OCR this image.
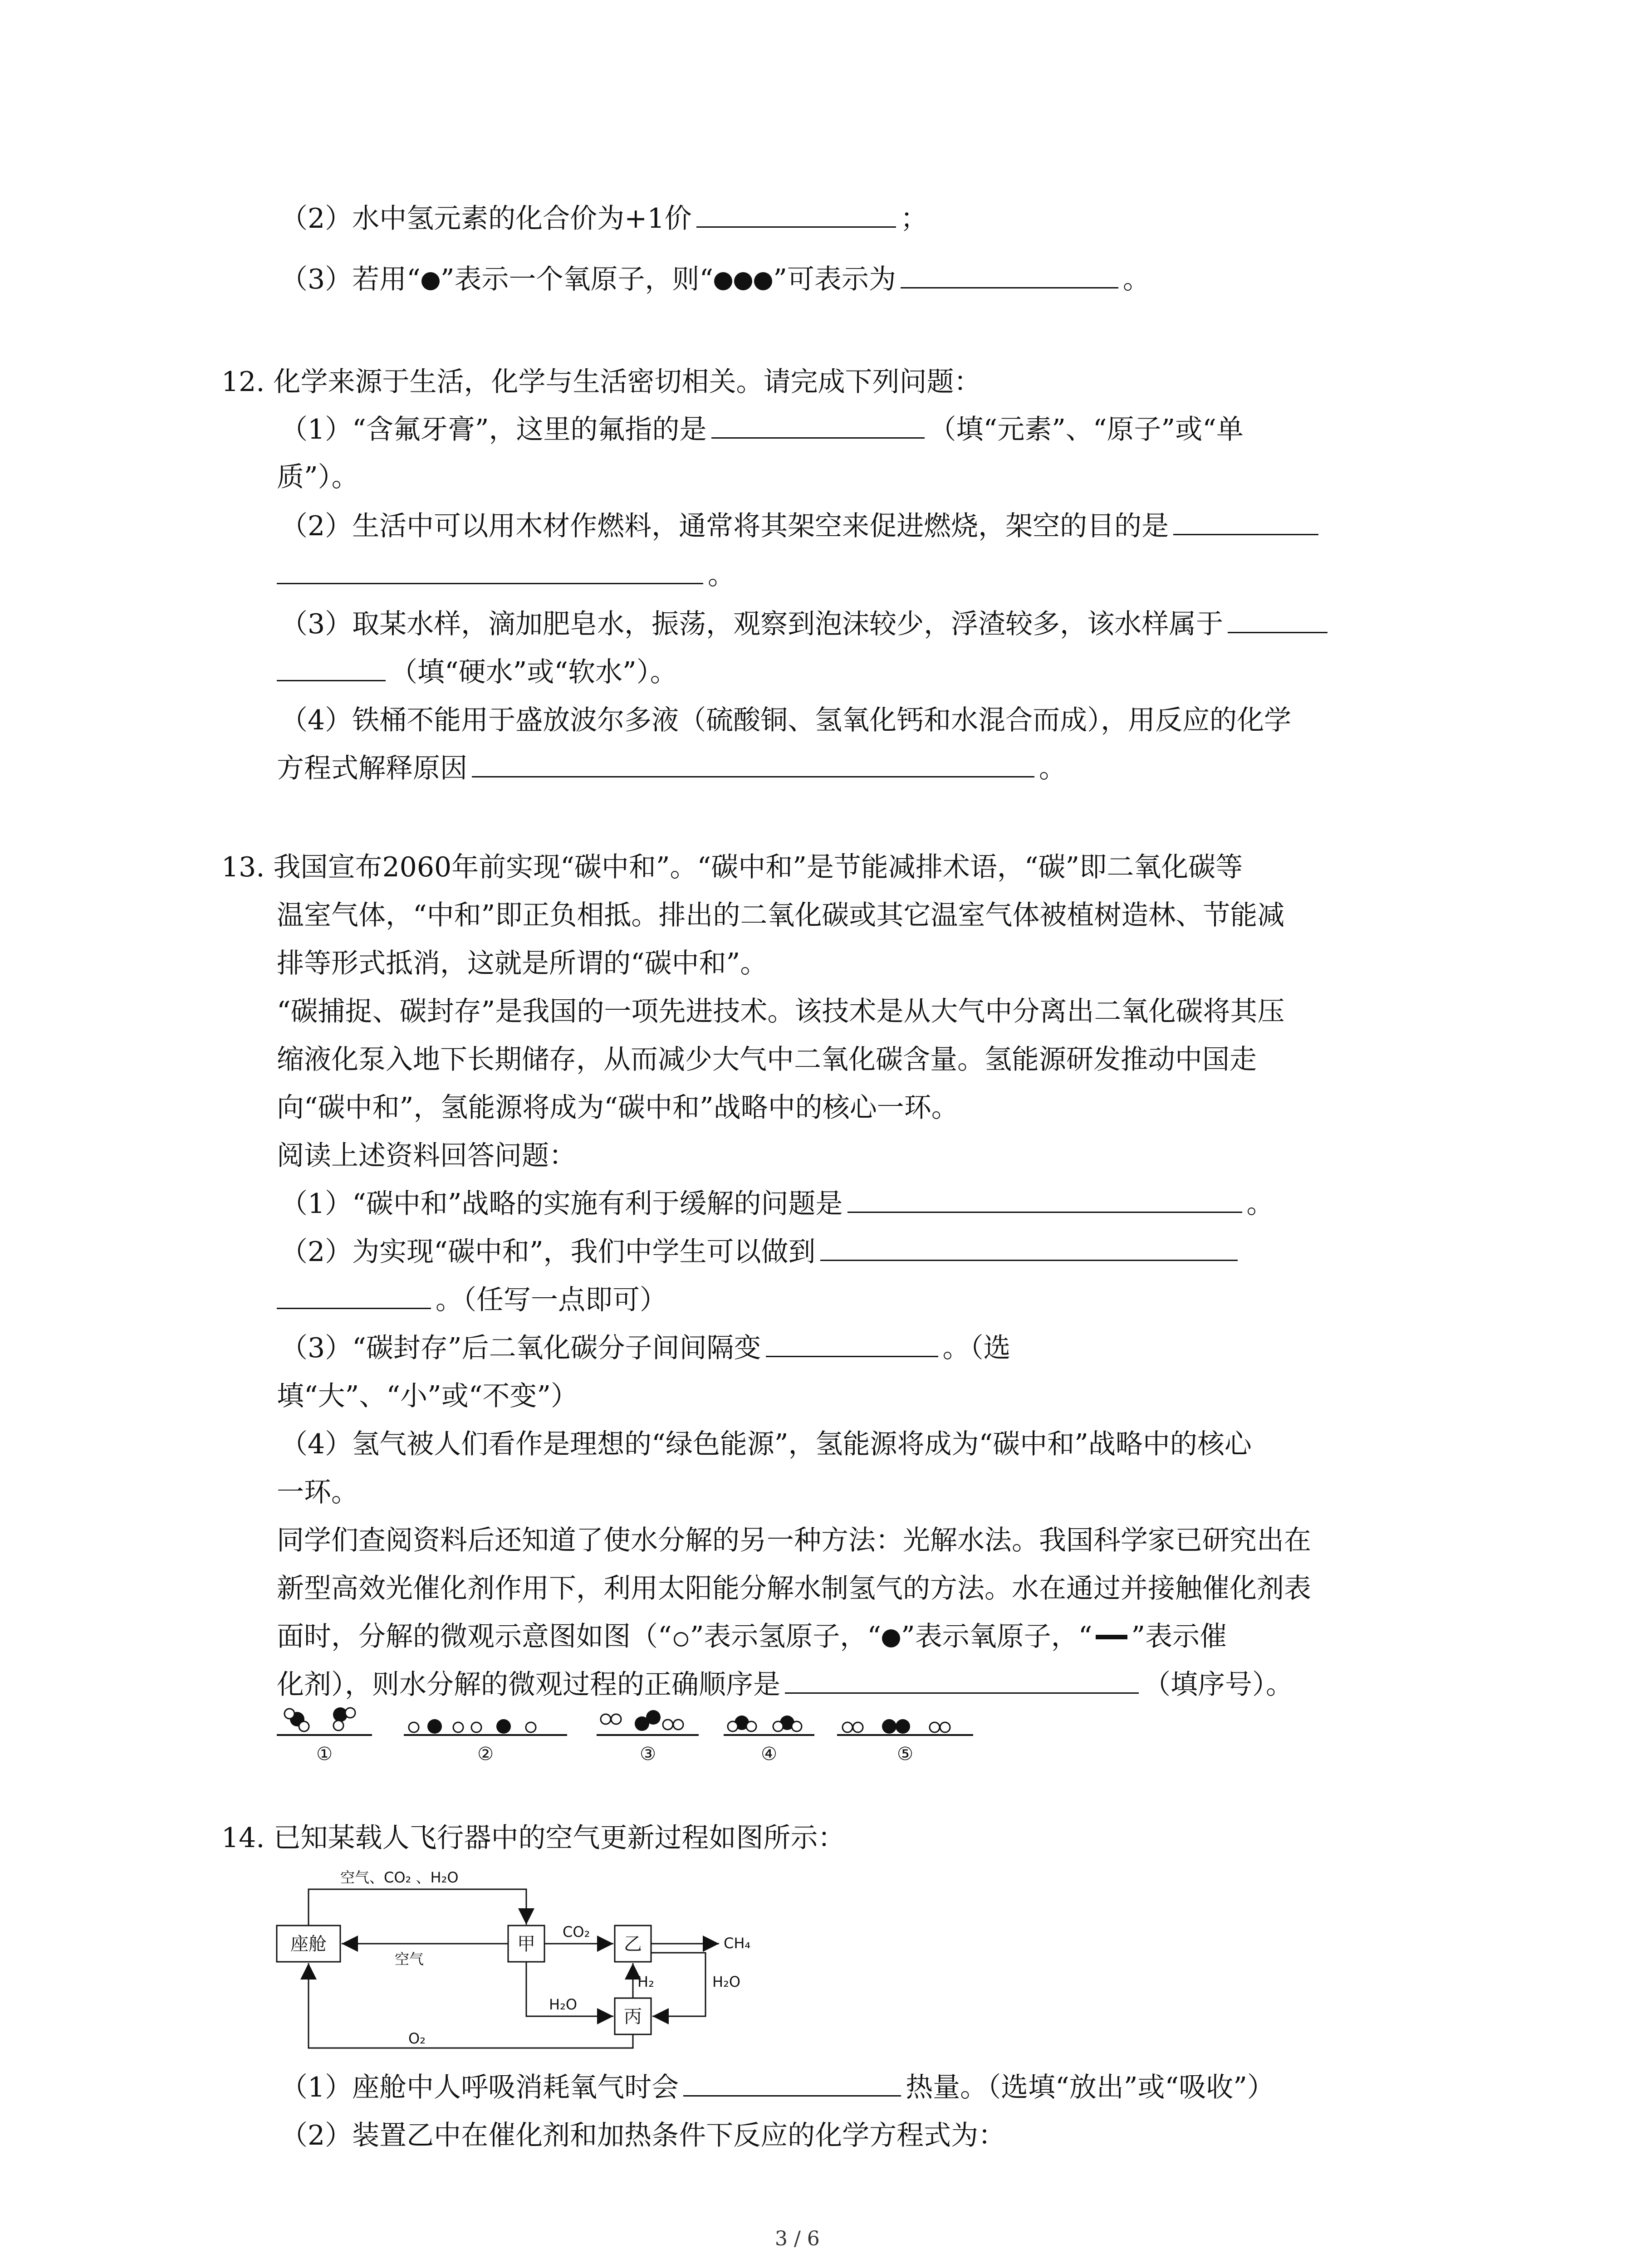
（2）水中氢元素的化合价为+1价	；
（3）若用“ ”表示一个氧原子，则“ ”可表示为	。
12. 化学来源于生活，化学与生活密切相关。请完成下列问题：
（1）“含氟牙膏”，这里的氟指的是	（填“元素”、“原子”或“单
质”）。
（2）生活中可以用木材作燃料，通常将其架空来促进燃烧，架空的目的是
。
（3）取某水样，滴加肥皂水，振荡，观察到泡沫较少，浮渣较多，该水样属于
（填“硬水”或“软水”）。
（4）铁桶不能用于盛放波尔多液（硫酸铜、氢氧化钙和水混合而成），用反应的化学
方程式解释原因	。
13. 我国宣布2060年前实现“碳中和”。“碳中和”是节能减排术语，“碳”即二氧化碳等
温室气体，“中和”即正负相抵。排出的二氧化碳或其它温室气体被植树造林、节能减
排等形式抵消，这就是所谓的“碳中和”。
“碳捕捉、碳封存”是我国的一项先进技术。该技术是从大气中分离出二氧化碳将其压
缩液化泵入地下长期储存，从而减少大气中二氧化碳含量。氢能源研发推动中国走
向“碳中和”，氢能源将成为“碳中和”战略中的核心一环。
阅读上述资料回答问题：
（1）“碳中和”战略的实施有利于缓解的问题是	。
（2）为实现“碳中和”，我们中学生可以做到
。（任写一点即可）
（3）“碳封存”后二氧化碳分子间间隔变	。（选
填“大”、“小”或“不变”）
（4）氢气被人们看作是理想的“绿色能源”，氢能源将成为“碳中和”战略中的核心
一环。
同学们查阅资料后还知道了使水分解的另一种方法：光解水法。我国科学家已研究出在
新型高效光催化剂作用下，利用太阳能分解水制氢气的方法。水在通过并接触催化剂表
面时，分解的微观示意图如图（“ ”表示氢原子，“ ”表示氧原子，“ ”表示催
化剂），则水分解的微观过程的正确顺序是	（填序号）。
①	②	③	④	⑤
14. 已知某载人飞行器中的空气更新过程如图所示：
座舱	甲	乙
丙
空气、CO₂ 、H₂O
空气
CO₂
CH₄
H₂
H₂O
H₂O
O₂
（1）座舱中人呼吸消耗氧气时会	热量。（选填“放出”或“吸收”）
（2）装置乙中在催化剂和加热条件下反应的化学方程式为：
3 / 6
